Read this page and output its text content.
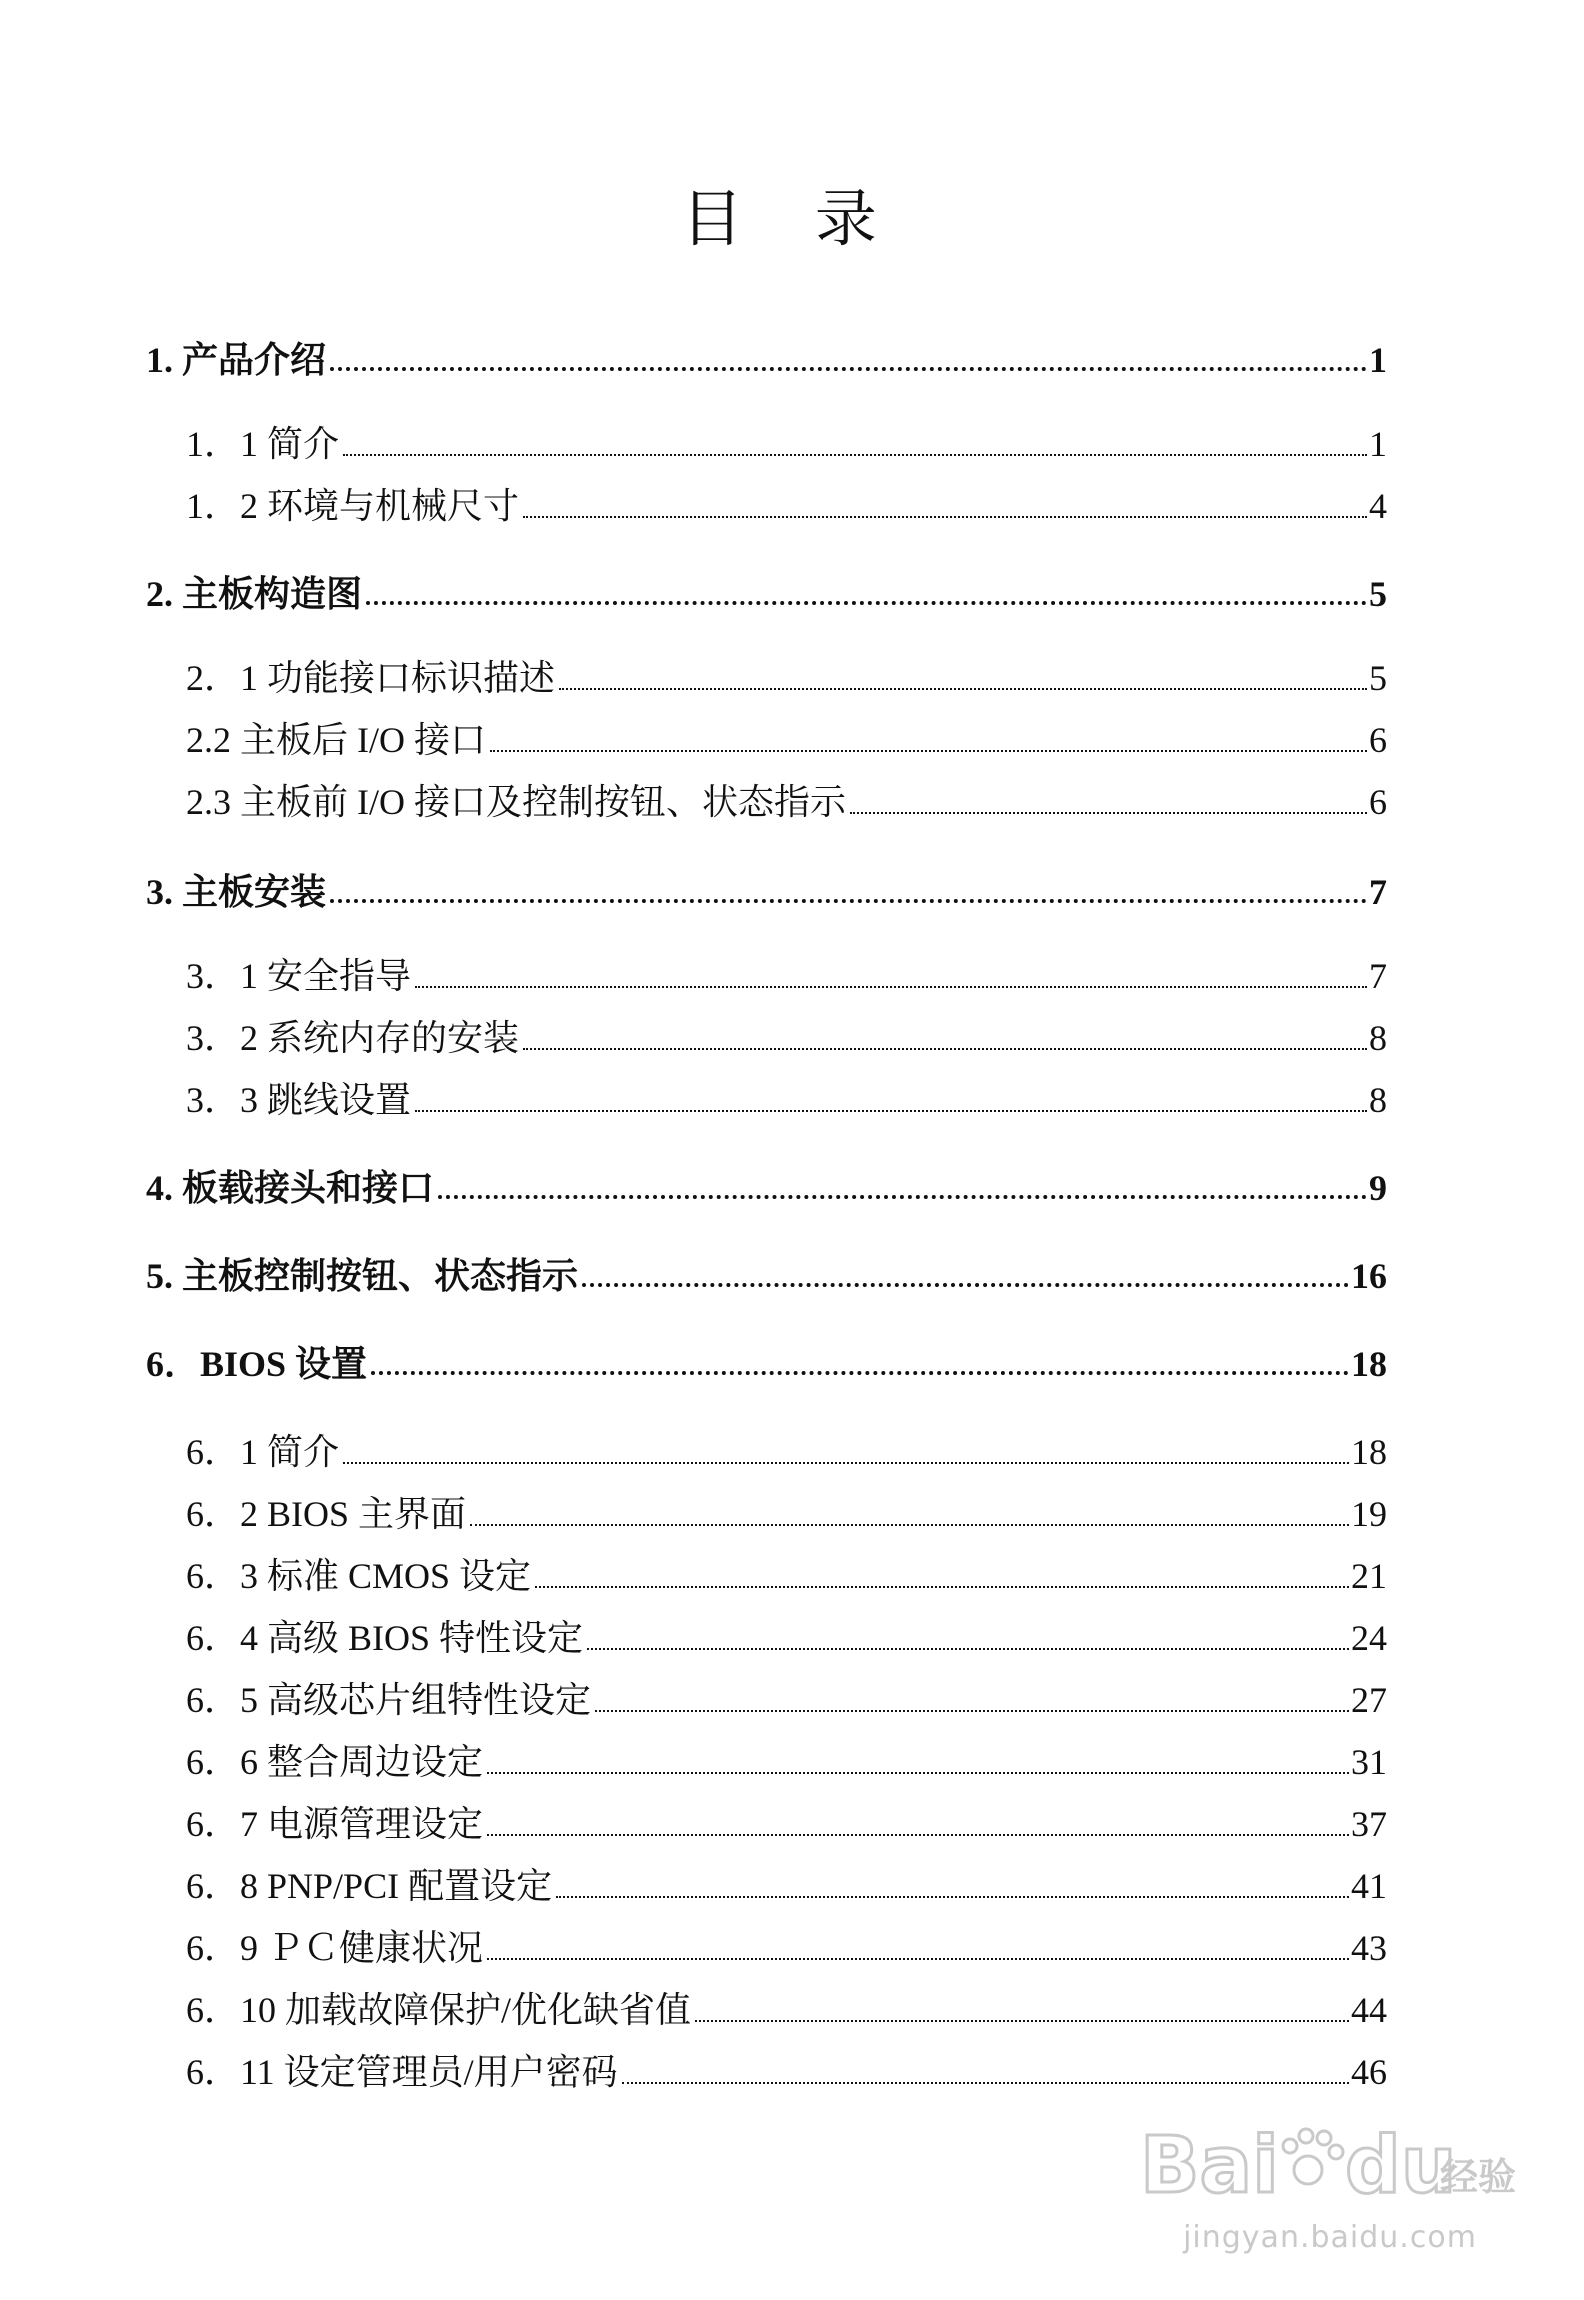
目 录
1. 产品介绍	1
1．1 简介	1
1．2 环境与机械尺寸	4
2. 主板构造图	5
2．1 功能接口标识描述	5
2.2 主板后 I/O 接口	6
2.3 主板前 I/O 接口及控制按钮、状态指示	6
3. 主板安装	7
3．1 安全指导	7
3．2 系统内存的安装	8
3．3 跳线设置	8
4. 板载接头和接口	9
5. 主板控制按钮、状态指示	16
6．BIOS 设置	18
6．1 简介	18
6．2 BIOS 主界面	19
6．3 标准 CMOS 设定	21
6．4 高级 BIOS 特性设定	24
6．5 高级芯片组特性设定	27
6．6 整合周边设定	31
6．7 电源管理设定	37
6．8 PNP/PCI 配置设定	41
6．9 ＰＣ健康状况	43
6．10 加载故障保护/优化缺省值	44
6．11 设定管理员/用户密码	46
Bai du
经验
jingyan.baidu.com
